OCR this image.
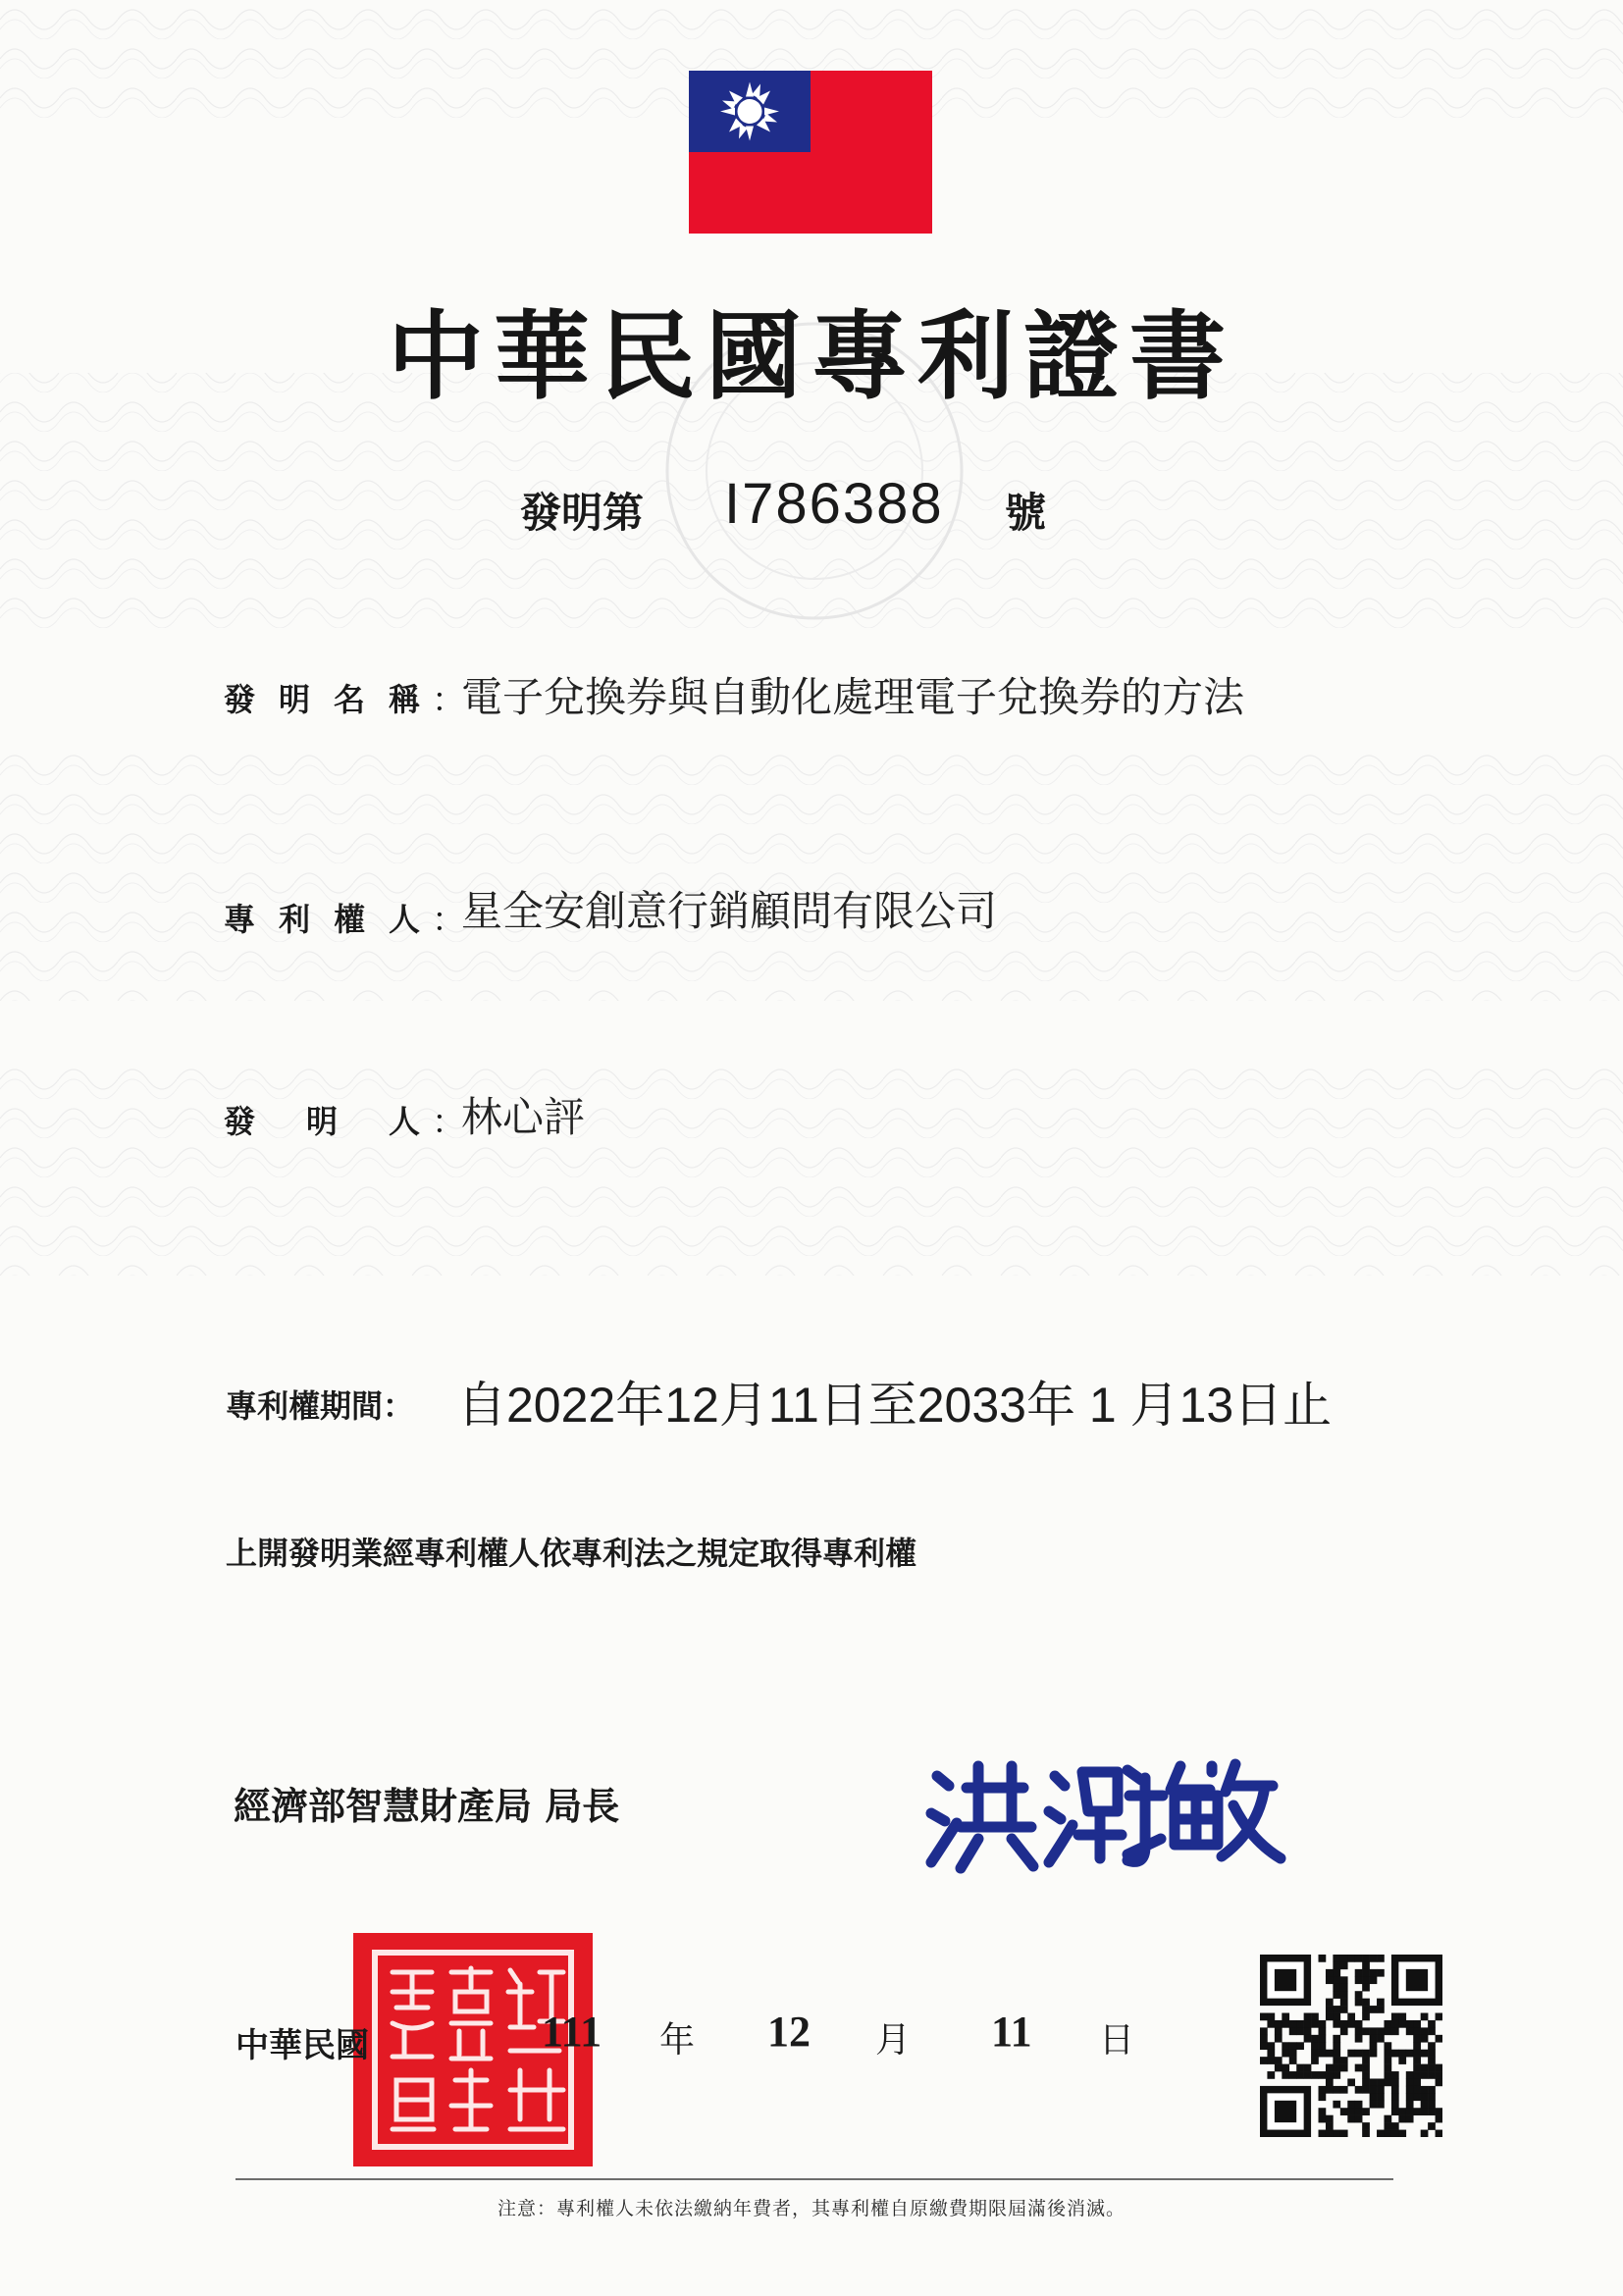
中華民國專利證書
發明第 I786388 號
發 明 名 稱 ：
電子兌換券與自動化處理電子兌換券的方法
專 利 權 人 ：
星全安創意行銷顧問有限公司
發 明 人 ：
林心評
專利權期間： 自2022年12月11日至2033年 1 月13日止
上開發明業經專利權人依專利法之規定取得專利權
經濟部智慧財產局 局長
中華民國	111 年 12 月 11 日
注意：專利權人未依法繳納年費者，其專利權自原繳費期限屆滿後消滅。
